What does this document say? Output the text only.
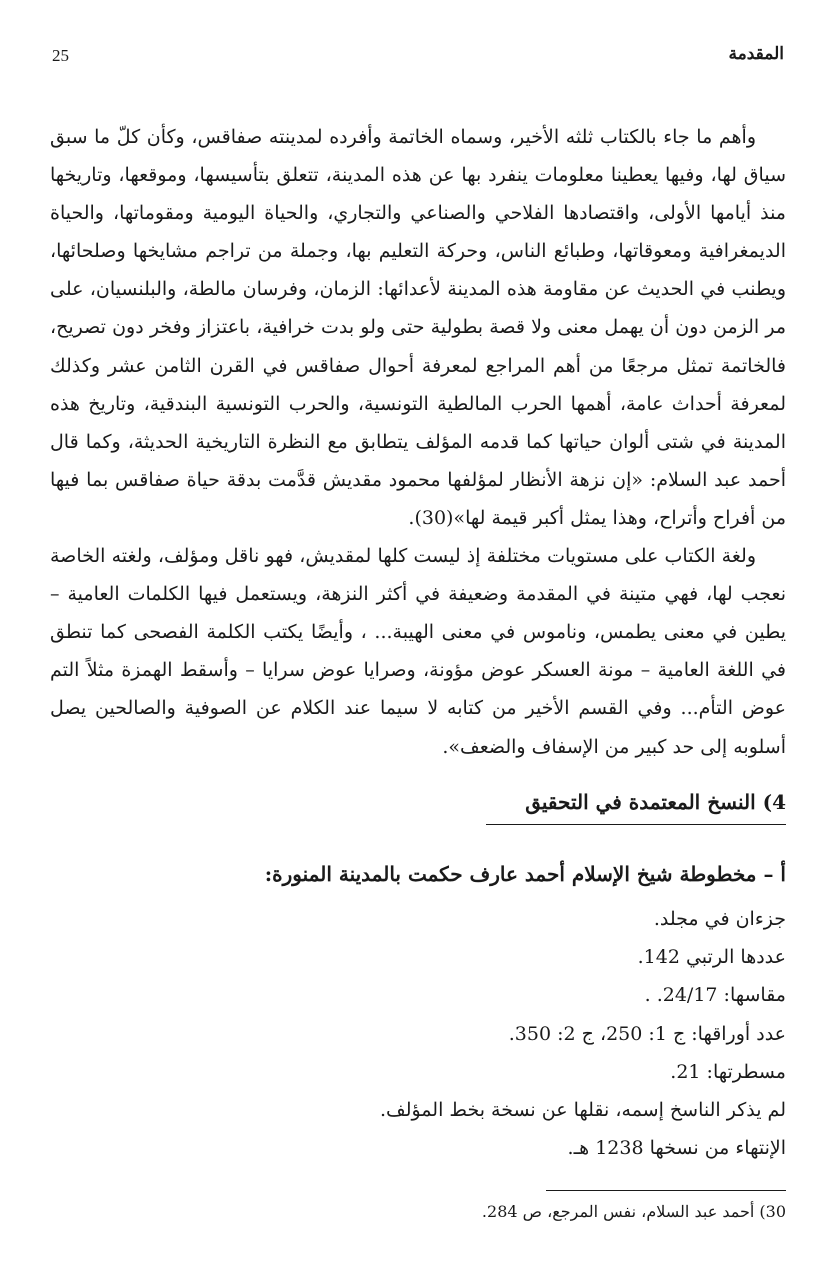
المقدمة
25

وأهم ما جاء بالكتاب ثلثه الأخير، وسماه الخاتمة وأفرده لمدينته صفاقس، وكأن كلّ ما سبق سياق لها، وفيها يعطينا معلومات ينفرد بها عن هذه المدينة، تتعلق بتأسيسها، وموقعها، وتاريخها منذ أيامها الأولى، واقتصادها الفلاحي والصناعي والتجاري، والحياة اليومية ومقوماتها، والحياة الديمغرافية ومعوقاتها، وطبائع الناس، وحركة التعليم بها، وجملة من تراجم مشايخها وصلحائها، ويطنب في الحديث عن مقاومة هذه المدينة لأعدائها: الزمان، وفرسان مالطة، والبلنسيان، على مر الزمن دون أن يهمل معنى ولا قصة بطولية حتى ولو بدت خرافية، باعتزاز وفخر دون تصريح، فالخاتمة تمثل مرجعًا من أهم المراجع لمعرفة أحوال صفاقس في القرن الثامن عشر وكذلك لمعرفة أحداث عامة، أهمها الحرب المالطية التونسية، والحرب التونسية البندقية، وتاريخ هذه المدينة في شتى ألوان حياتها كما قدمه المؤلف يتطابق مع النظرة التاريخية الحديثة، وكما قال أحمد عبد السلام: «إن نزهة الأنظار لمؤلفها محمود مقديش قدَّمت بدقة حياة صفاقس بما فيها من أفراح وأتراح، وهذا يمثل أكبر قيمة لها»(30).

ولغة الكتاب على مستويات مختلفة إذ ليست كلها لمقديش، فهو ناقل ومؤلف، ولغته الخاصة نعجب لها، فهي متينة في المقدمة وضعيفة في أكثر النزهة، ويستعمل فيها الكلمات العامية – يطين في معنى يطمس، وناموس في معنى الهيبة... ، وأيضًا يكتب الكلمة الفصحى كما تنطق في اللغة العامية – مونة العسكر عوض مؤونة، وصرايا عوض سرايا – وأسقط الهمزة مثلاً التم عوض التأم... وفي القسم الأخير من كتابه لا سيما عند الكلام عن الصوفية والصالحين يصل أسلوبه إلى حد كبير من الإسفاف والضعف».

4) النسخ المعتمدة في التحقيق
أ – مخطوطة شيخ الإسلام أحمد عارف حكمت بالمدينة المنورة:
جزءان في مجلد.
عددها الرتبي 142.
مقاسها: 24/17. .
عدد أوراقها: ج 1: 250، ج 2: 350.
مسطرتها: 21.
لم يذكر الناسخ إسمه، نقلها عن نسخة بخط المؤلف.
الإنتهاء من نسخها 1238 هـ.
30) أحمد عبد السلام، نفس المرجع، ص 284.
